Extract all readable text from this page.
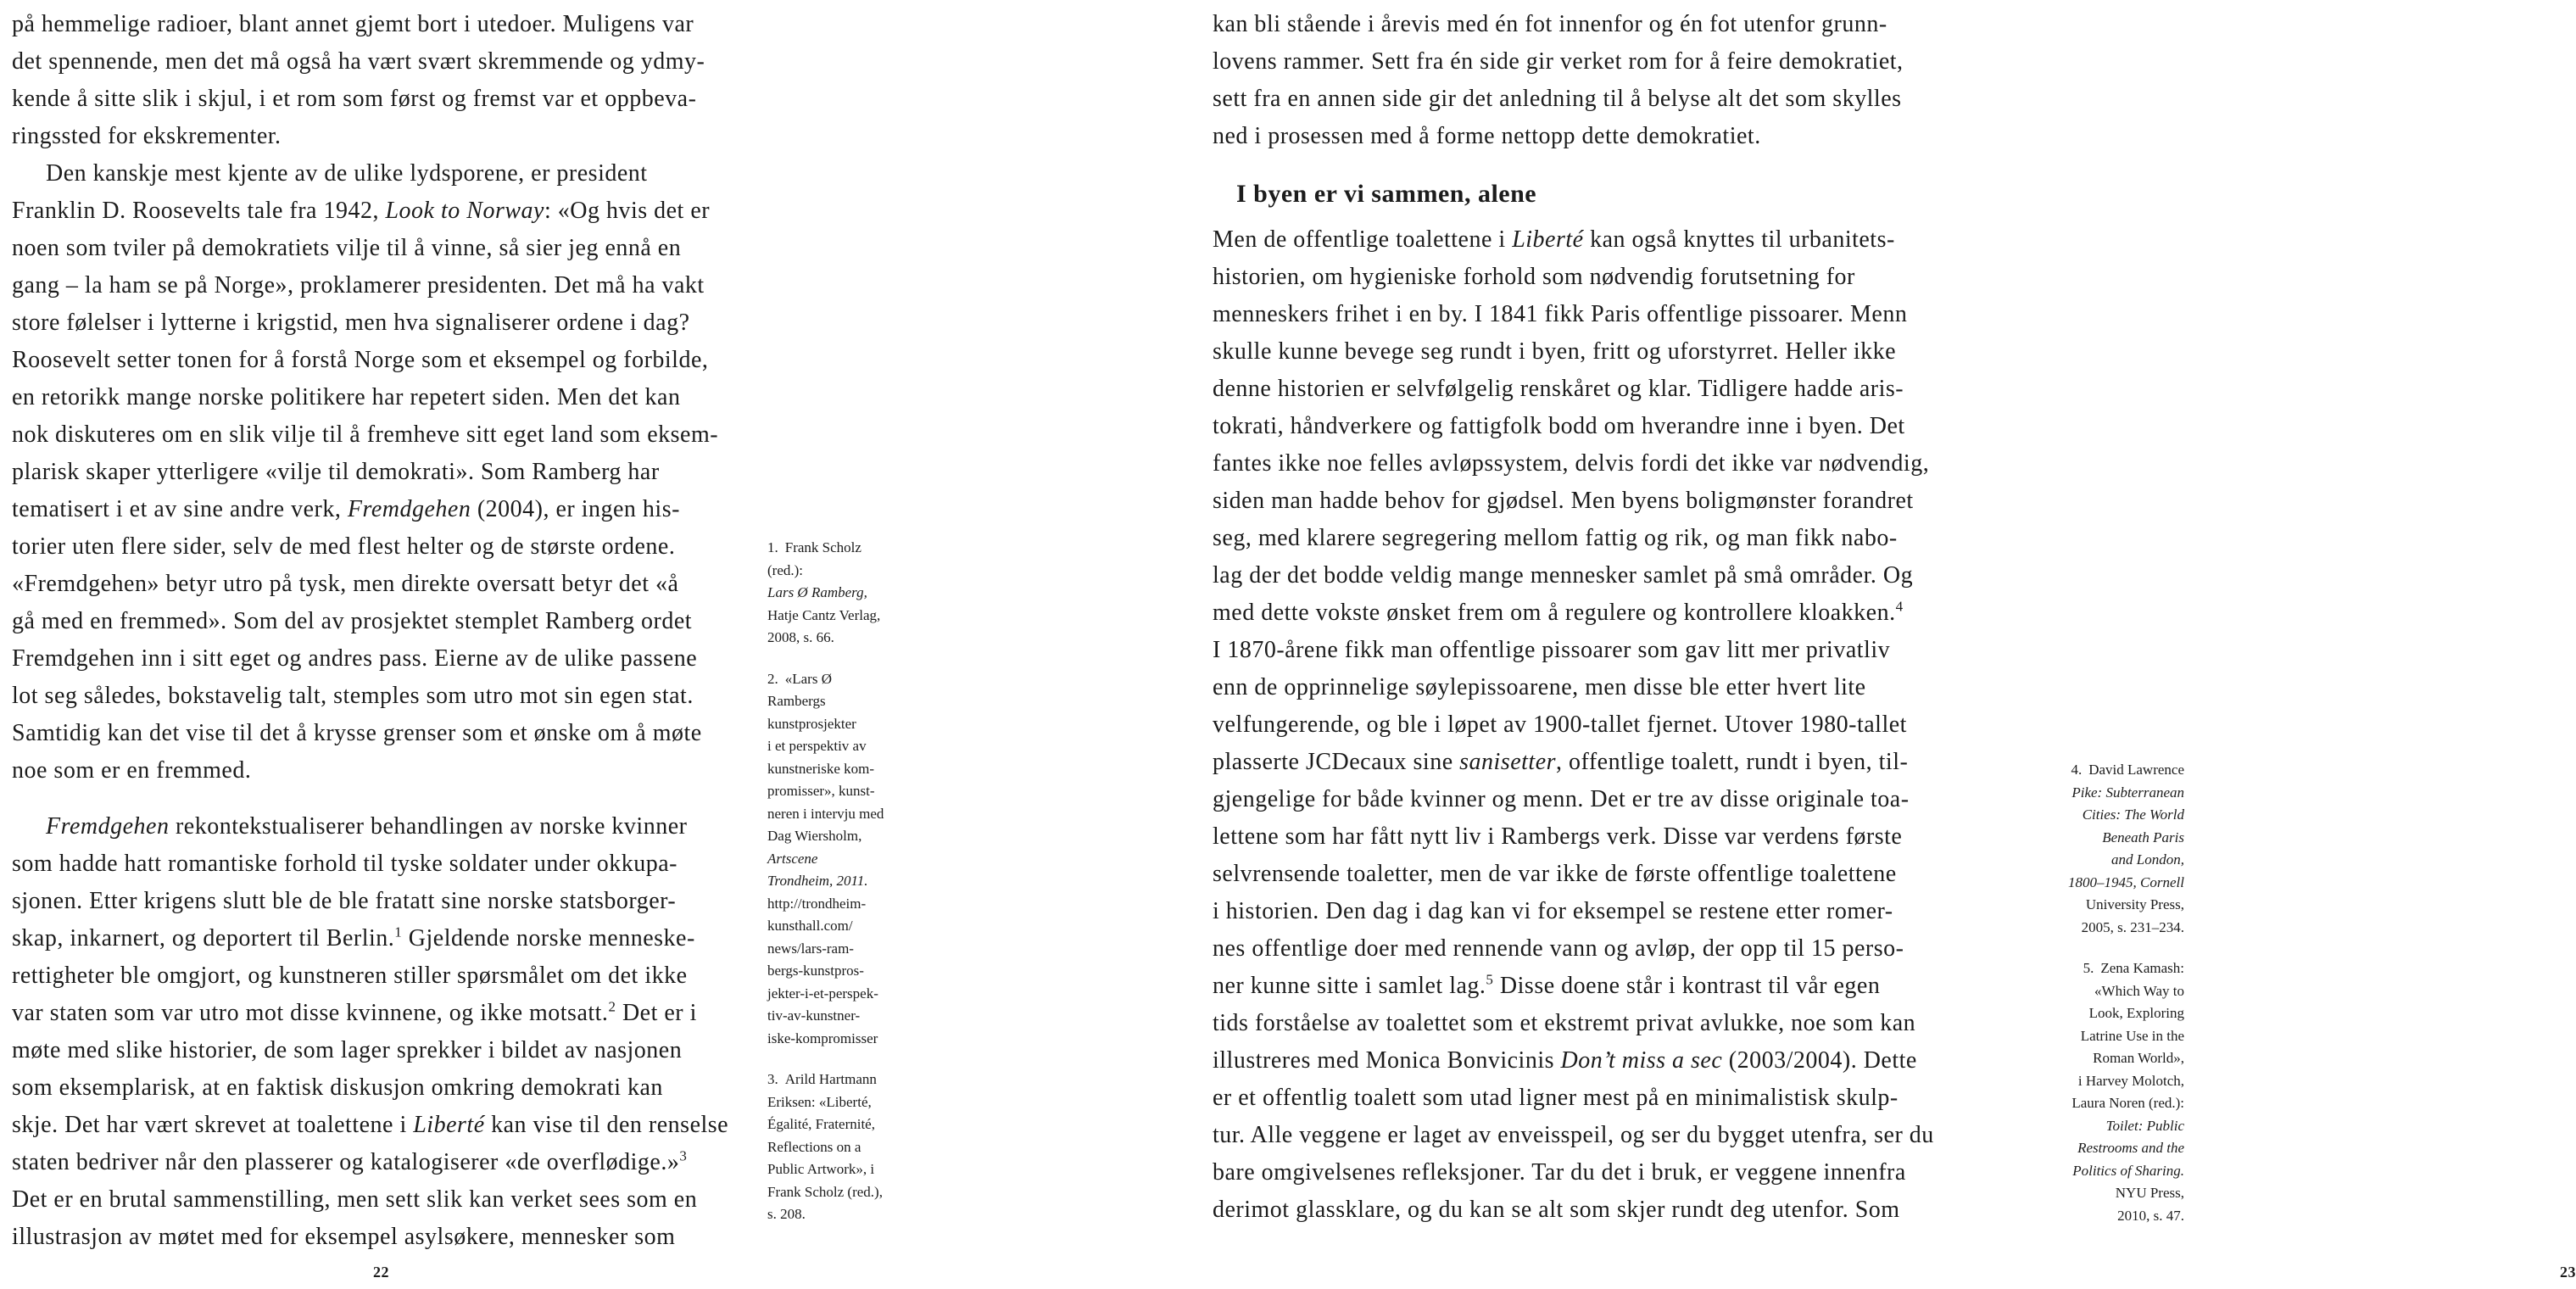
på hemmelige radioer, blant annet gjemt bort i utedoer. Muligens var
det spennende, men det må også ha vært svært skremmende og ydmy-
kende å sitte slik i skjul, i et rom som først og fremst var et oppbeva-
ringssted for ekskrementer.
Den kanskje mest kjente av de ulike lydsporene, er president
Franklin D. Roosevelts tale fra 1942, Look to Norway: «Og hvis det er
noen som tviler på demokratiets vilje til å vinne, så sier jeg ennå en
gang – la ham se på Norge», proklamerer presidenten. Det må ha vakt
store følelser i lytterne i krigstid, men hva signaliserer ordene i dag?
Roosevelt setter tonen for å forstå Norge som et eksempel og forbilde,
en retorikk mange norske politikere har repetert siden. Men det kan
nok diskuteres om en slik vilje til å fremheve sitt eget land som eksem-
plarisk skaper ytterligere «vilje til demokrati». Som Ramberg har
tematisert i et av sine andre verk, Fremdgehen (2004), er ingen his-
torier uten flere sider, selv de med flest helter og de største ordene.
«Fremdgehen» betyr utro på tysk, men direkte oversatt betyr det «å
gå med en fremmed». Som del av prosjektet stemplet Ramberg ordet
Fremdgehen inn i sitt eget og andres pass. Eierne av de ulike passene
lot seg således, bokstavelig talt, stemples som utro mot sin egen stat.
Samtidig kan det vise til det å krysse grenser som et ønske om å møte
noe som er en fremmed.
Fremdgehen rekontekstualiserer behandlingen av norske kvinner
som hadde hatt romantiske forhold til tyske soldater under okkupa-
sjonen. Etter krigens slutt ble de ble fratatt sine norske statsborger-
skap, inkarnert, og deportert til Berlin.$^1$ Gjeldende norske menneske-
rettigheter ble omgjort, og kunstneren stiller spørsmålet om det ikke
var staten som var utro mot disse kvinnene, og ikke motsatt.$^2$ Det er i
møte med slike historier, de som lager sprekker i bildet av nasjonen
som eksemplarisk, at en faktisk diskusjon omkring demokrati kan
skje. Det har vært skrevet at toalettene i Liberté kan vise til den renselse
staten bedriver når den plasserer og katalogiserer «de overflødige.»$^3$
Det er en brutal sammenstilling, men sett slik kan verket sees som en
illustrasjon av møtet med for eksempel asylsøkere, mennesker som
1. Frank Scholz
(red.):
Lars Ø Ramberg,
Hatje Cantz Verlag,
2008, s. 66.
2. «Lars Ø
Rambergs
kunstprosjekter
i et perspektiv av
kunstneriske kom-
promisser», kunst-
neren i intervju med
Dag Wiersholm,
Artscene
Trondheim, 2011.
http://trondheim-
kunsthall.com/
news/lars-ram-
bergs-kunstpros-
jekter-i-et-perspek-
tiv-av-kunstner-
iske-kompromisser
3. Arild Hartmann
Eriksen: «Liberté,
Égalité, Fraternité,
Reflections on a
Public Artwork», i
Frank Scholz (red.),
s. 208.
22
kan bli stående i årevis med én fot innenfor og én fot utenfor grunn-
lovens rammer. Sett fra én side gir verket rom for å feire demokratiet,
sett fra en annen side gir det anledning til å belyse alt det som skylles
ned i prosessen med å forme nettopp dette demokratiet.
I byen er vi sammen, alene
Men de offentlige toalettene i Liberté kan også knyttes til urbanitets-
historien, om hygieniske forhold som nødvendig forutsetning for
menneskers frihet i en by. I 1841 fikk Paris offentlige pissoarer. Menn
skulle kunne bevege seg rundt i byen, fritt og uforstyrret. Heller ikke
denne historien er selvfølgelig renskåret og klar. Tidligere hadde aris-
tokrati, håndverkere og fattigfolk bodd om hverandre inne i byen. Det
fantes ikke noe felles avløpssystem, delvis fordi det ikke var nødvendig,
siden man hadde behov for gjødsel. Men byens boligmønster forandret
seg, med klarere segregering mellom fattig og rik, og man fikk nabo-
lag der det bodde veldig mange mennesker samlet på små områder. Og
med dette vokste ønsket frem om å regulere og kontrollere kloakken.$^4$
I 1870-årene fikk man offentlige pissoarer som gav litt mer privatliv
enn de opprinnelige søylepissoarene, men disse ble etter hvert lite
velfungerende, og ble i løpet av 1900-tallet fjernet. Utover 1980-tallet
plasserte JCDecaux sine sanisetter, offentlige toalett, rundt i byen, til-
gjengelige for både kvinner og menn. Det er tre av disse originale toa-
lettene som har fått nytt liv i Rambergs verk. Disse var verdens første
selvrensende toaletter, men de var ikke de første offentlige toalettene
i historien. Den dag i dag kan vi for eksempel se restene etter romer-
nes offentlige doer med rennende vann og avløp, der opp til 15 perso-
ner kunne sitte i samlet lag.$^5$ Disse doene står i kontrast til vår egen
tids forståelse av toalettet som et ekstremt privat avlukke, noe som kan
illustreres med Monica Bonvicinis Don’t miss a sec (2003/2004). Dette
er et offentlig toalett som utad ligner mest på en minimalistisk skulp-
tur. Alle veggene er laget av enveisspeil, og ser du bygget utenfra, ser du
bare omgivelsenes refleksjoner. Tar du det i bruk, er veggene innenfra
derimot glassklare, og du kan se alt som skjer rundt deg utenfor. Som
4. David Lawrence
Pike: Subterranean
Cities: The World
Beneath Paris
and London,
1800–1945, Cornell
University Press,
2005, s. 231–234.
5. Zena Kamash:
«Which Way to
Look, Exploring
Latrine Use in the
Roman World»,
i Harvey Molotch,
Laura Noren (red.):
Toilet: Public
Restrooms and the
Politics of Sharing.
NYU Press,
2010, s. 47.
23
